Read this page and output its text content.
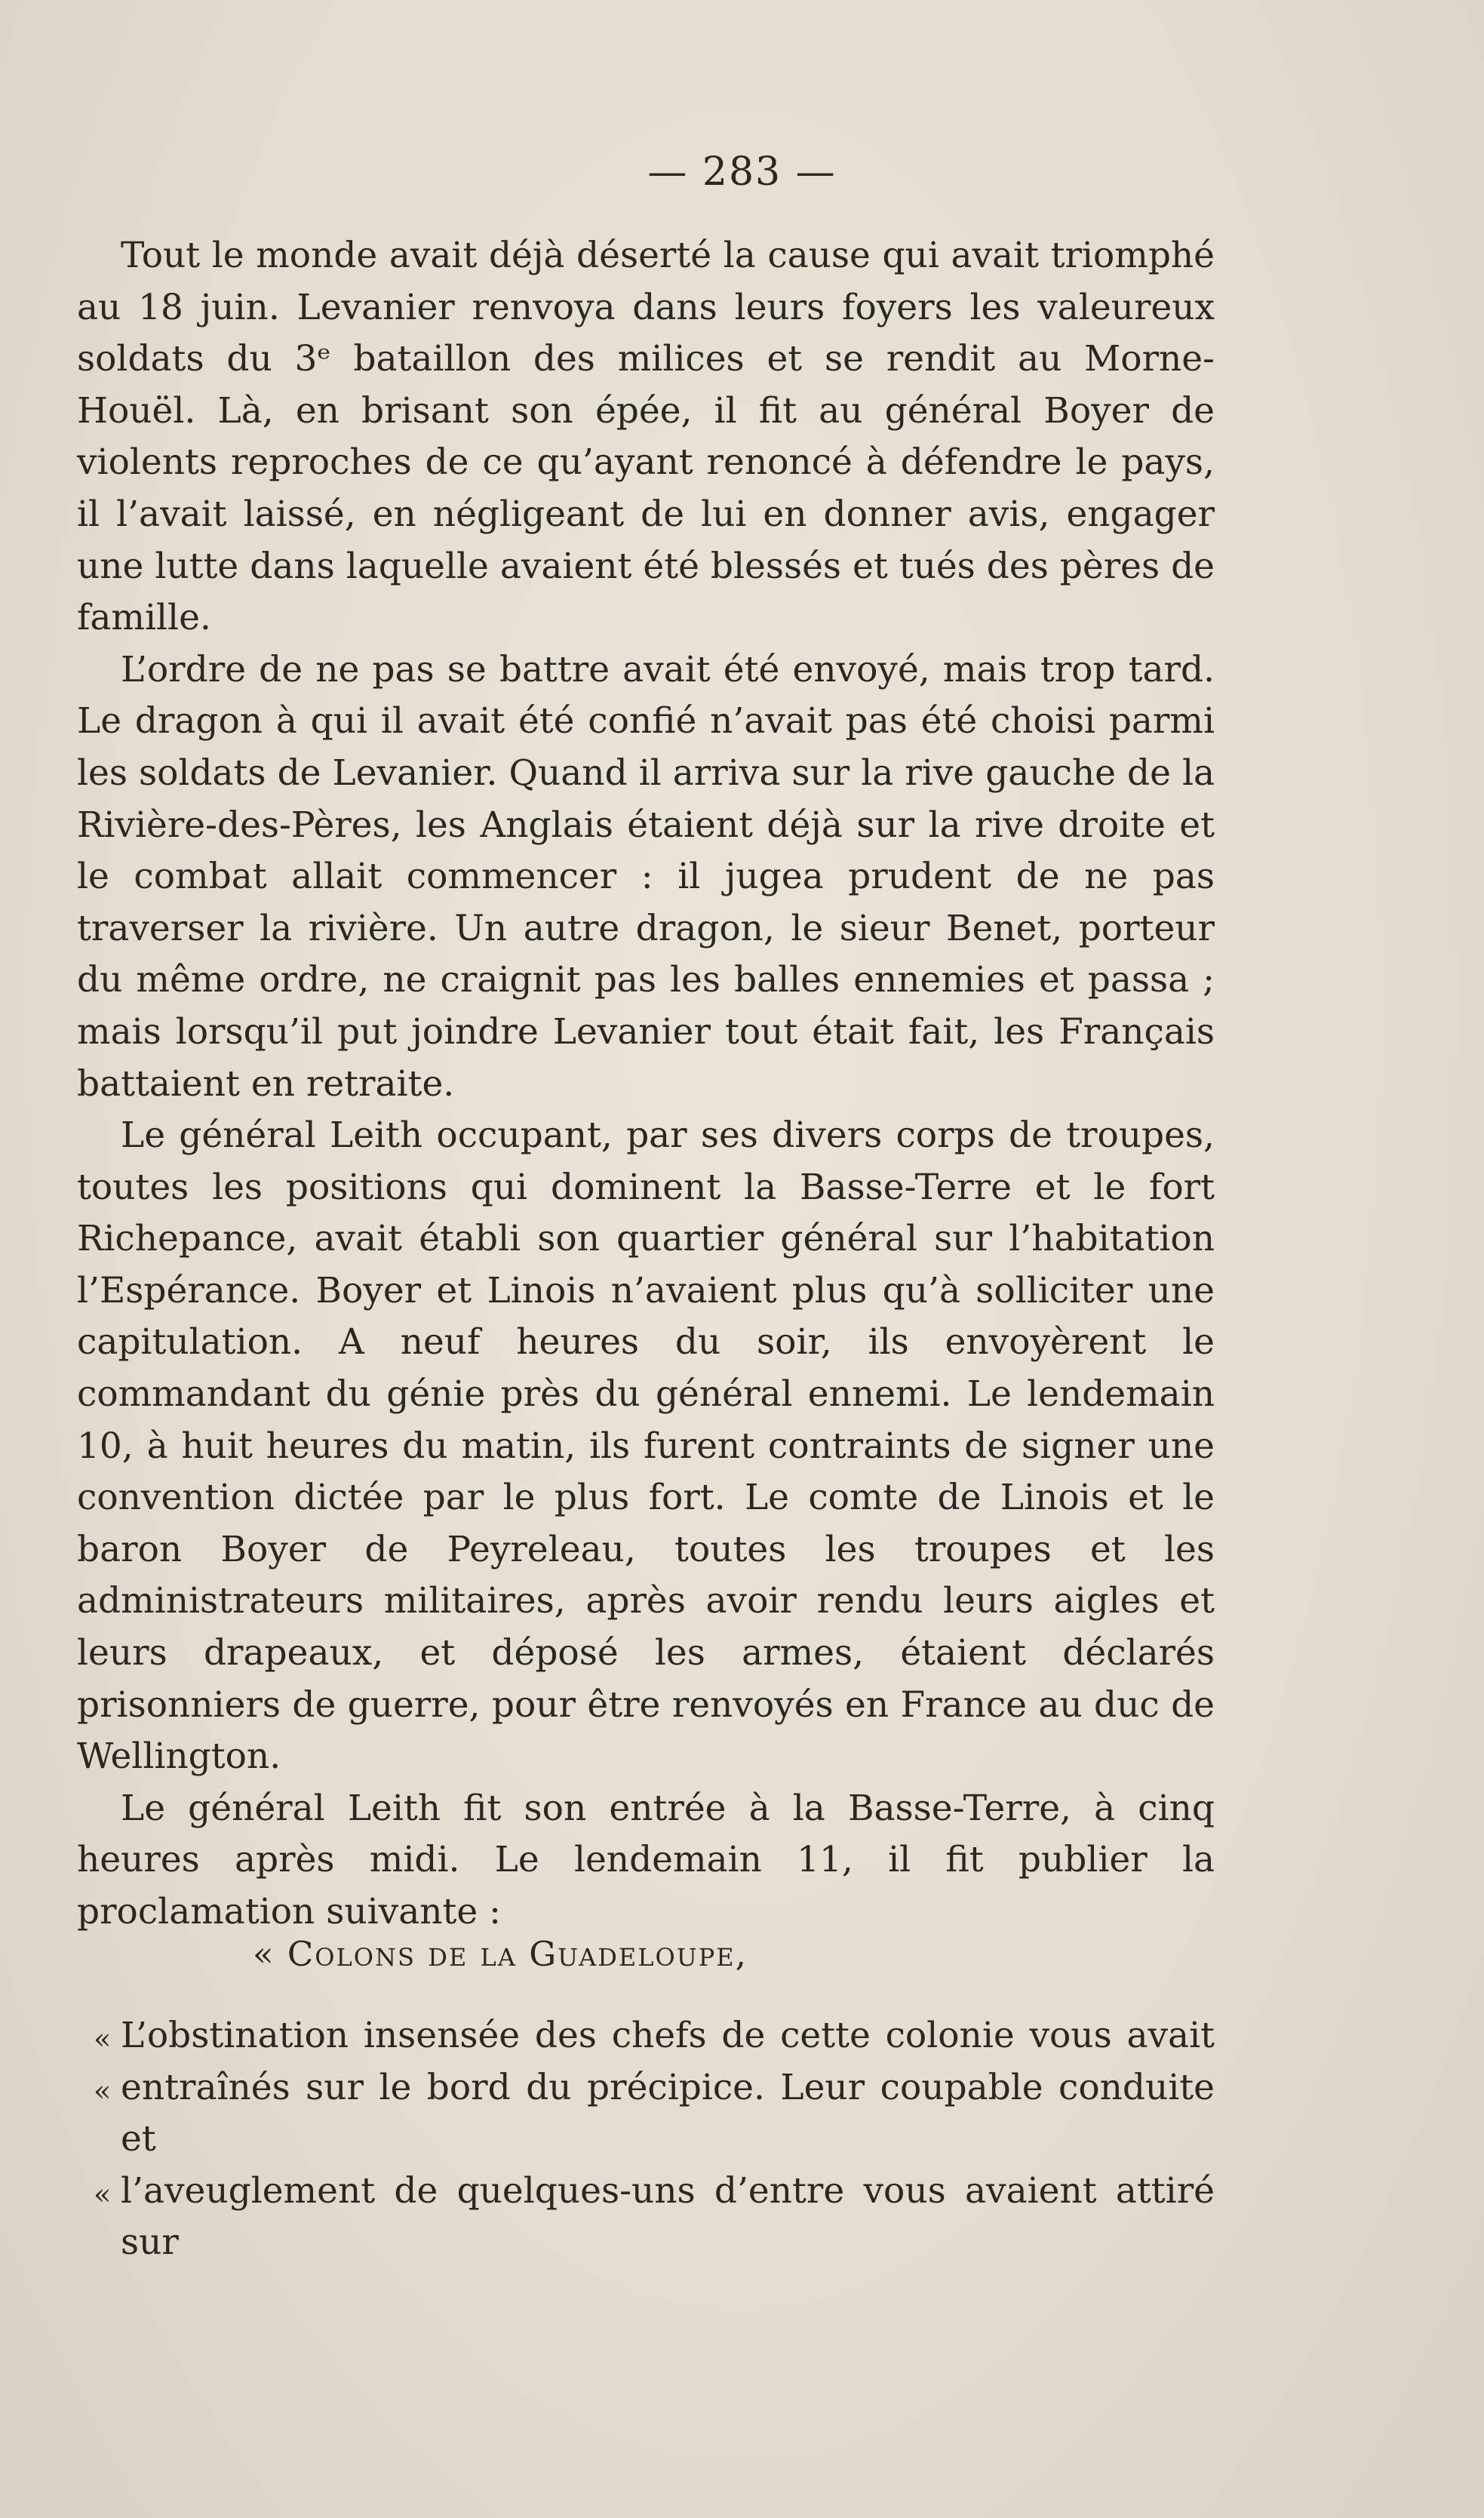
— 283 —

Tout le monde avait déjà déserté la cause qui avait triomphé au 18 juin. Levanier renvoya dans leurs foyers les valeureux soldats du 3ᵉ bataillon des milices et se rendit au Morne-Houël. Là, en brisant son épée, il fit au général Boyer de violents reproches de ce qu’ayant renoncé à défendre le pays, il l’avait laissé, en négligeant de lui en donner avis, engager une lutte dans laquelle avaient été blessés et tués des pères de famille.

L’ordre de ne pas se battre avait été envoyé, mais trop tard. Le dragon à qui il avait été confié n’avait pas été choisi parmi les soldats de Levanier. Quand il arriva sur la rive gauche de la Rivière-des-Pères, les Anglais étaient déjà sur la rive droite et le combat allait commencer : il jugea prudent de ne pas traverser la rivière. Un autre dragon, le sieur Benet, porteur du même ordre, ne craignit pas les balles ennemies et passa ; mais lorsqu’il put joindre Levanier tout était fait, les Français battaient en retraite.

Le général Leith occupant, par ses divers corps de troupes, toutes les positions qui dominent la Basse-Terre et le fort Richepance, avait établi son quartier général sur l’habitation l’Espérance. Boyer et Linois n’avaient plus qu’à solliciter une capitulation. A neuf heures du soir, ils envoyèrent le commandant du génie près du général ennemi. Le lendemain 10, à huit heures du matin, ils furent contraints de signer une convention dictée par le plus fort. Le comte de Linois et le baron Boyer de Peyreleau, toutes les troupes et les administrateurs militaires, après avoir rendu leurs aigles et leurs drapeaux, et déposé les armes, étaient déclarés prisonniers de guerre, pour être renvoyés en France au duc de Wellington.

Le général Leith fit son entrée à la Basse-Terre, à cinq heures après midi. Le lendemain 11, il fit publier la proclamation suivante :

« Colons de la Guadeloupe,

« L’obstination insensée des chefs de cette colonie vous avait

« entraînés sur le bord du précipice. Leur coupable conduite et

« l’aveuglement de quelques-uns d’entre vous avaient attiré sur
